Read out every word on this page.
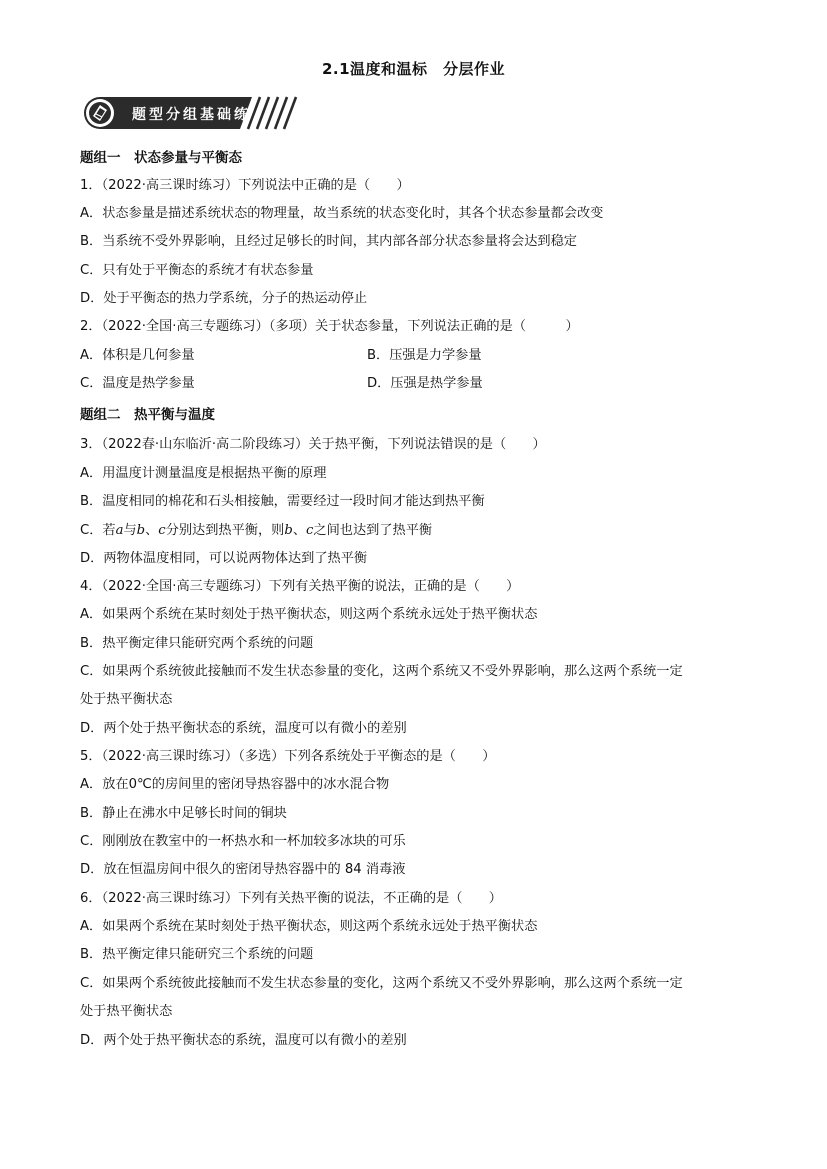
2.1温度和温标　分层作业
题型分组基础练
题组一　状态参量与平衡态
1．（2022·高三课时练习）下列说法中正确的是（　　）
A．状态参量是描述系统状态的物理量，故当系统的状态变化时，其各个状态参量都会改变
B．当系统不受外界影响，且经过足够长的时间，其内部各部分状态参量将会达到稳定
C．只有处于平衡态的系统才有状态参量
D．处于平衡态的热力学系统，分子的热运动停止
2．（2022·全国·高三专题练习）（多项）关于状态参量，下列说法正确的是（　　　）
A．体积是几何参量	B．压强是力学参量
C．温度是热学参量	D．压强是热学参量
题组二　热平衡与温度
3．（2022春·山东临沂·高二阶段练习）关于热平衡，下列说法错误的是（　　）
A．用温度计测量温度是根据热平衡的原理
B．温度相同的棉花和石头相接触，需要经过一段时间才能达到热平衡
C．若a与b、c分别达到热平衡，则b、c之间也达到了热平衡
D．两物体温度相同，可以说两物体达到了热平衡
4．（2022·全国·高三专题练习）下列有关热平衡的说法，正确的是（　　）
A．如果两个系统在某时刻处于热平衡状态，则这两个系统永远处于热平衡状态
B．热平衡定律只能研究两个系统的问题
C．如果两个系统彼此接触而不发生状态参量的变化，这两个系统又不受外界影响，那么这两个系统一定
处于热平衡状态
D．两个处于热平衡状态的系统，温度可以有微小的差别
5．（2022·高三课时练习）（多选）下列各系统处于平衡态的是（　　）
A．放在0℃的房间里的密闭导热容器中的冰水混合物
B．静止在沸水中足够长时间的铜块
C．刚刚放在教室中的一杯热水和一杯加较多冰块的可乐
D．放在恒温房间中很久的密闭导热容器中的 84 消毒液
6．（2022·高三课时练习）下列有关热平衡的说法，不正确的是（　　）
A．如果两个系统在某时刻处于热平衡状态，则这两个系统永远处于热平衡状态
B．热平衡定律只能研究三个系统的问题
C．如果两个系统彼此接触而不发生状态参量的变化，这两个系统又不受外界影响，那么这两个系统一定
处于热平衡状态
D．两个处于热平衡状态的系统，温度可以有微小的差别
